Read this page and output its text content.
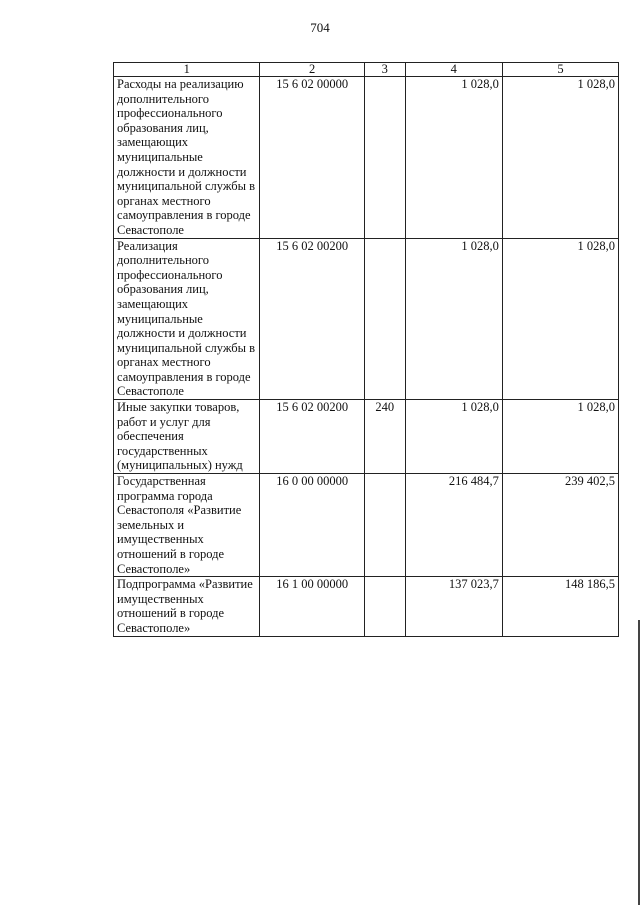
704
1	2	3	4	5
Расходы на реализацию дополнительного профессионального образования лиц, замещающих муниципальные должности и должности муниципальной службы в органах местного самоуправления в городе Севастополе	15 6 02 00000		1 028,0	1 028,0
Реализация дополнительного профессионального образования лиц, замещающих муниципальные должности и должности муниципальной службы в органах местного самоуправления в городе Севастополе	15 6 02 00200		1 028,0	1 028,0
Иные закупки товаров, работ и услуг для обеспечения государственных (муниципальных) нужд	15 6 02 00200	240	1 028,0	1 028,0
Государственная программа города Севастополя «Развитие земельных и имущественных отношений в городе Севастополе»	16 0 00 00000		216 484,7	239 402,5
Подпрограмма «Развитие имущественных отношений в городе Севастополе»	16 1 00 00000		137 023,7	148 186,5
